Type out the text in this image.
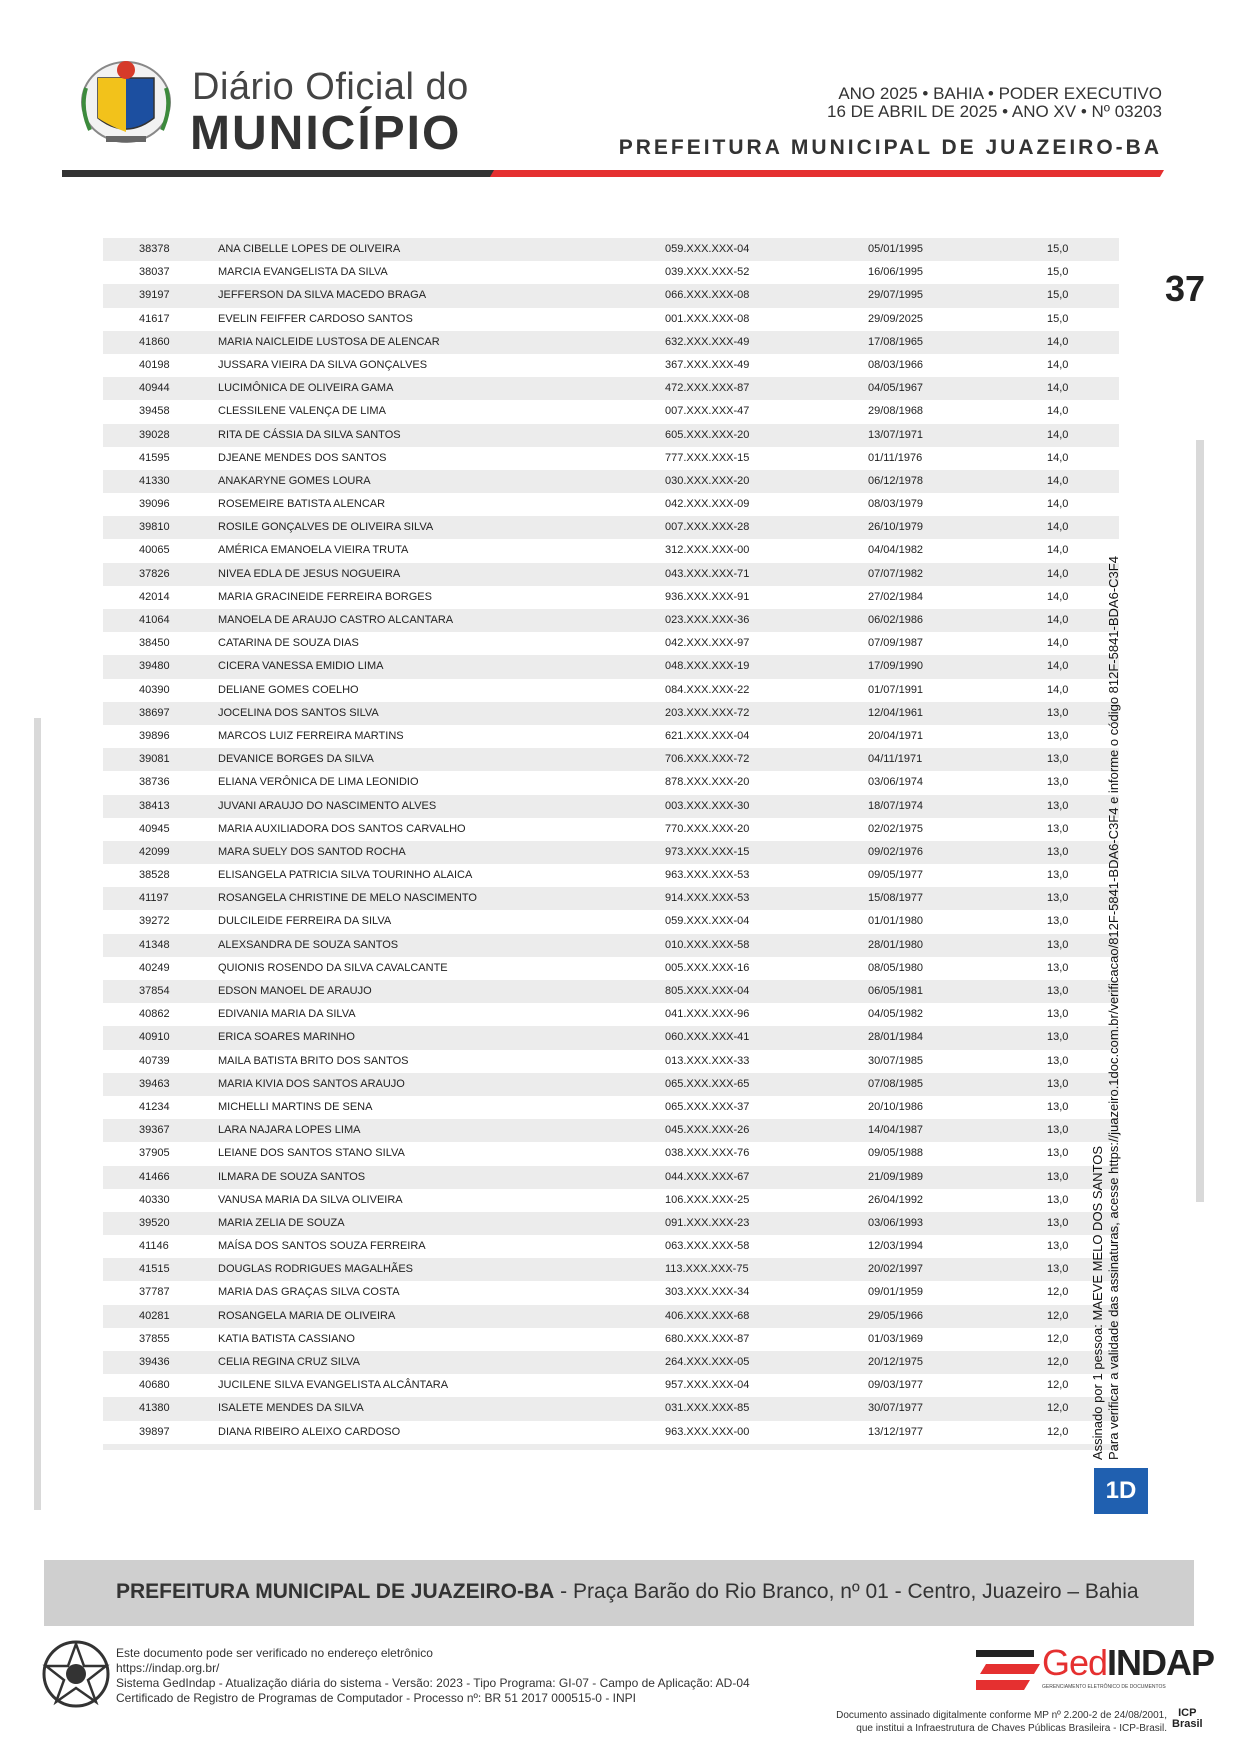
Diário Oficial do
MUNICÍPIO
ANO 2025 • BAHIA • PODER EXECUTIVO
16 DE ABRIL DE 2025 • ANO XV • Nº 03203
PREFEITURA MUNICIPAL DE JUAZEIRO-BA
37
38378	ANA CIBELLE LOPES DE OLIVEIRA	059.XXX.XXX-04	05/01/1995	15,0
38037	MARCIA EVANGELISTA DA SILVA	039.XXX.XXX-52	16/06/1995	15,0
39197	JEFFERSON DA SILVA MACEDO BRAGA	066.XXX.XXX-08	29/07/1995	15,0
41617	EVELIN FEIFFER CARDOSO SANTOS	001.XXX.XXX-08	29/09/2025	15,0
41860	MARIA NAICLEIDE LUSTOSA DE ALENCAR	632.XXX.XXX-49	17/08/1965	14,0
40198	JUSSARA VIEIRA DA SILVA GONÇALVES	367.XXX.XXX-49	08/03/1966	14,0
40944	LUCIMÔNICA DE OLIVEIRA GAMA	472.XXX.XXX-87	04/05/1967	14,0
39458	CLESSILENE VALENÇA DE LIMA	007.XXX.XXX-47	29/08/1968	14,0
39028	RITA DE CÁSSIA DA SILVA SANTOS	605.XXX.XXX-20	13/07/1971	14,0
41595	DJEANE MENDES DOS SANTOS	777.XXX.XXX-15	01/11/1976	14,0
41330	ANAKARYNE GOMES LOURA	030.XXX.XXX-20	06/12/1978	14,0
39096	ROSEMEIRE BATISTA ALENCAR	042.XXX.XXX-09	08/03/1979	14,0
39810	ROSILE GONÇALVES DE OLIVEIRA SILVA	007.XXX.XXX-28	26/10/1979	14,0
40065	AMÉRICA EMANOELA VIEIRA TRUTA	312.XXX.XXX-00	04/04/1982	14,0
37826	NIVEA EDLA DE JESUS NOGUEIRA	043.XXX.XXX-71	07/07/1982	14,0
42014	MARIA GRACINEIDE FERREIRA BORGES	936.XXX.XXX-91	27/02/1984	14,0
41064	MANOELA DE ARAUJO CASTRO ALCANTARA	023.XXX.XXX-36	06/02/1986	14,0
38450	CATARINA DE SOUZA DIAS	042.XXX.XXX-97	07/09/1987	14,0
39480	CICERA VANESSA EMIDIO LIMA	048.XXX.XXX-19	17/09/1990	14,0
40390	DELIANE GOMES COELHO	084.XXX.XXX-22	01/07/1991	14,0
38697	JOCELINA DOS SANTOS SILVA	203.XXX.XXX-72	12/04/1961	13,0
39896	MARCOS LUIZ FERREIRA MARTINS	621.XXX.XXX-04	20/04/1971	13,0
39081	DEVANICE BORGES DA SILVA	706.XXX.XXX-72	04/11/1971	13,0
38736	ELIANA VERÔNICA DE LIMA LEONIDIO	878.XXX.XXX-20	03/06/1974	13,0
38413	JUVANI ARAUJO DO NASCIMENTO ALVES	003.XXX.XXX-30	18/07/1974	13,0
40945	MARIA AUXILIADORA DOS SANTOS CARVALHO	770.XXX.XXX-20	02/02/1975	13,0
42099	MARA SUELY DOS SANTOD ROCHA	973.XXX.XXX-15	09/02/1976	13,0
38528	ELISANGELA PATRICIA SILVA TOURINHO ALAICA	963.XXX.XXX-53	09/05/1977	13,0
41197	ROSANGELA CHRISTINE DE MELO NASCIMENTO	914.XXX.XXX-53	15/08/1977	13,0
39272	DULCILEIDE FERREIRA DA SILVA	059.XXX.XXX-04	01/01/1980	13,0
41348	ALEXSANDRA DE SOUZA SANTOS	010.XXX.XXX-58	28/01/1980	13,0
40249	QUIONIS ROSENDO DA SILVA CAVALCANTE	005.XXX.XXX-16	08/05/1980	13,0
37854	EDSON MANOEL DE ARAUJO	805.XXX.XXX-04	06/05/1981	13,0
40862	EDIVANIA MARIA DA SILVA	041.XXX.XXX-96	04/05/1982	13,0
40910	ERICA SOARES MARINHO	060.XXX.XXX-41	28/01/1984	13,0
40739	MAILA BATISTA BRITO DOS SANTOS	013.XXX.XXX-33	30/07/1985	13,0
39463	MARIA KIVIA DOS SANTOS ARAUJO	065.XXX.XXX-65	07/08/1985	13,0
41234	MICHELLI MARTINS DE SENA	065.XXX.XXX-37	20/10/1986	13,0
39367	LARA NAJARA LOPES LIMA	045.XXX.XXX-26	14/04/1987	13,0
37905	LEIANE DOS SANTOS STANO SILVA	038.XXX.XXX-76	09/05/1988	13,0
41466	ILMARA DE SOUZA SANTOS	044.XXX.XXX-67	21/09/1989	13,0
40330	VANUSA MARIA DA SILVA OLIVEIRA	106.XXX.XXX-25	26/04/1992	13,0
39520	MARIA ZELIA DE SOUZA	091.XXX.XXX-23	03/06/1993	13,0
41146	MAÍSA DOS SANTOS SOUZA FERREIRA	063.XXX.XXX-58	12/03/1994	13,0
41515	DOUGLAS RODRIGUES MAGALHÃES	113.XXX.XXX-75	20/02/1997	13,0
37787	MARIA DAS GRAÇAS SILVA COSTA	303.XXX.XXX-34	09/01/1959	12,0
40281	ROSANGELA MARIA DE OLIVEIRA	406.XXX.XXX-68	29/05/1966	12,0
37855	KATIA BATISTA CASSIANO	680.XXX.XXX-87	01/03/1969	12,0
39436	CELIA REGINA CRUZ SILVA	264.XXX.XXX-05	20/12/1975	12,0
40680	JUCILENE SILVA EVANGELISTA ALCÂNTARA	957.XXX.XXX-04	09/03/1977	12,0
41380	ISALETE MENDES DA SILVA	031.XXX.XXX-85	30/07/1977	12,0
39897	DIANA RIBEIRO ALEIXO CARDOSO	963.XXX.XXX-00	13/12/1977	12,0 Assinado por 1 pessoa: MAEVE MELO DOS SANTOS Para verificar a validade das assinaturas, acesse https://juazeiro.1doc.com.br/verificacao/812F-5841-BDA6-C3F4 e informe o código 812F-5841-BDA6-C3F4
1D
PREFEITURA MUNICIPAL DE JUAZEIRO-BA - Praça Barão do Rio Branco, nº 01 - Centro, Juazeiro – Bahia
Este documento pode ser verificado no endereço eletrônico
https://indap.org.br/
Sistema GedIndap - Atualização diária do sistema - Versão: 2023 - Tipo Programa: GI-07 - Campo de Aplicação: AD-04
Certificado de Registro de Programas de Computador - Processo nº: BR 51 2017 000515-0 - INPI
GedINDAP
GERENCIAMENTO ELETRÔNICO DE DOCUMENTOS
Documento assinado digitalmente conforme MP nº 2.200-2 de 24/08/2001,
que institui a Infraestrutura de Chaves Públicas Brasileira - ICP-Brasil.
ICP
Brasil
